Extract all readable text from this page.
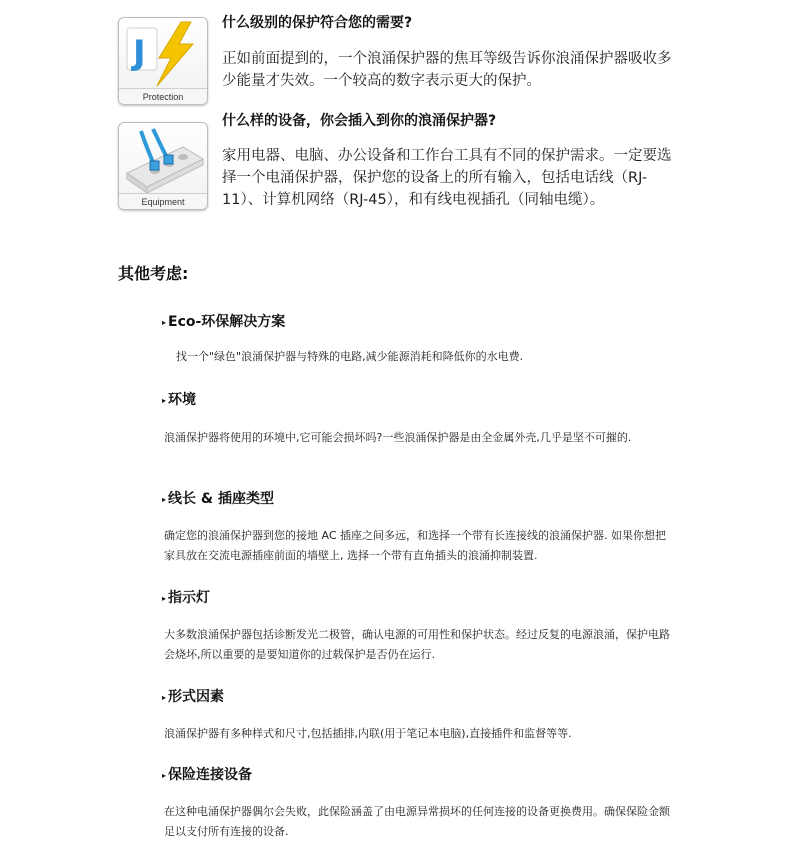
J
Protection
Equipment
什么级别的保护符合您的需要?
正如前面提到的，一个浪涌保护器的焦耳等级告诉你浪涌保护器吸收多少能量才失效。一个较高的数字表示更大的保护。
什么样的设备，你会插入到你的浪涌保护器?
家用电器、电脑、办公设备和工作台工具有不同的保护需求。一定要选择一个电涌保护器，保护您的设备上的所有输入，包括电话线（RJ-11）、计算机网络（RJ-45），和有线电视插孔（同轴电缆）。
其他考虑:
▸ Eco-环保解决方案
找一个"绿色"浪涌保护器与特殊的电路,减少能源消耗和降低你的水电费.
▸ 环境
浪涌保护器将使用的环境中,它可能会损坏吗?一些浪涌保护器是由全金属外壳,几乎是坚不可摧的.
▸ 线长 & 插座类型
确定您的浪涌保护器到您的接地 AC 插座之间多远，和选择一个带有长连接线的浪涌保护器. 如果你想把家具放在交流电源插座前面的墙壁上, 选择一个带有直角插头的浪涌抑制装置.
▸ 指示灯
大多数浪涌保护器包括诊断发光二极管，确认电源的可用性和保护状态。经过反复的电源浪涌，保护电路会烧坏,所以重要的是要知道你的过载保护是否仍在运行.
▸ 形式因素
浪涌保护器有多种样式和尺寸,包括插排,内联(用于笔记本电脑),直接插件和监督等等.
▸ 保险连接设备
在这种电涌保护器偶尔会失败，此保险涵盖了由电源异常损坏的任何连接的设备更换费用。确保保险金额足以支付所有连接的设备.
